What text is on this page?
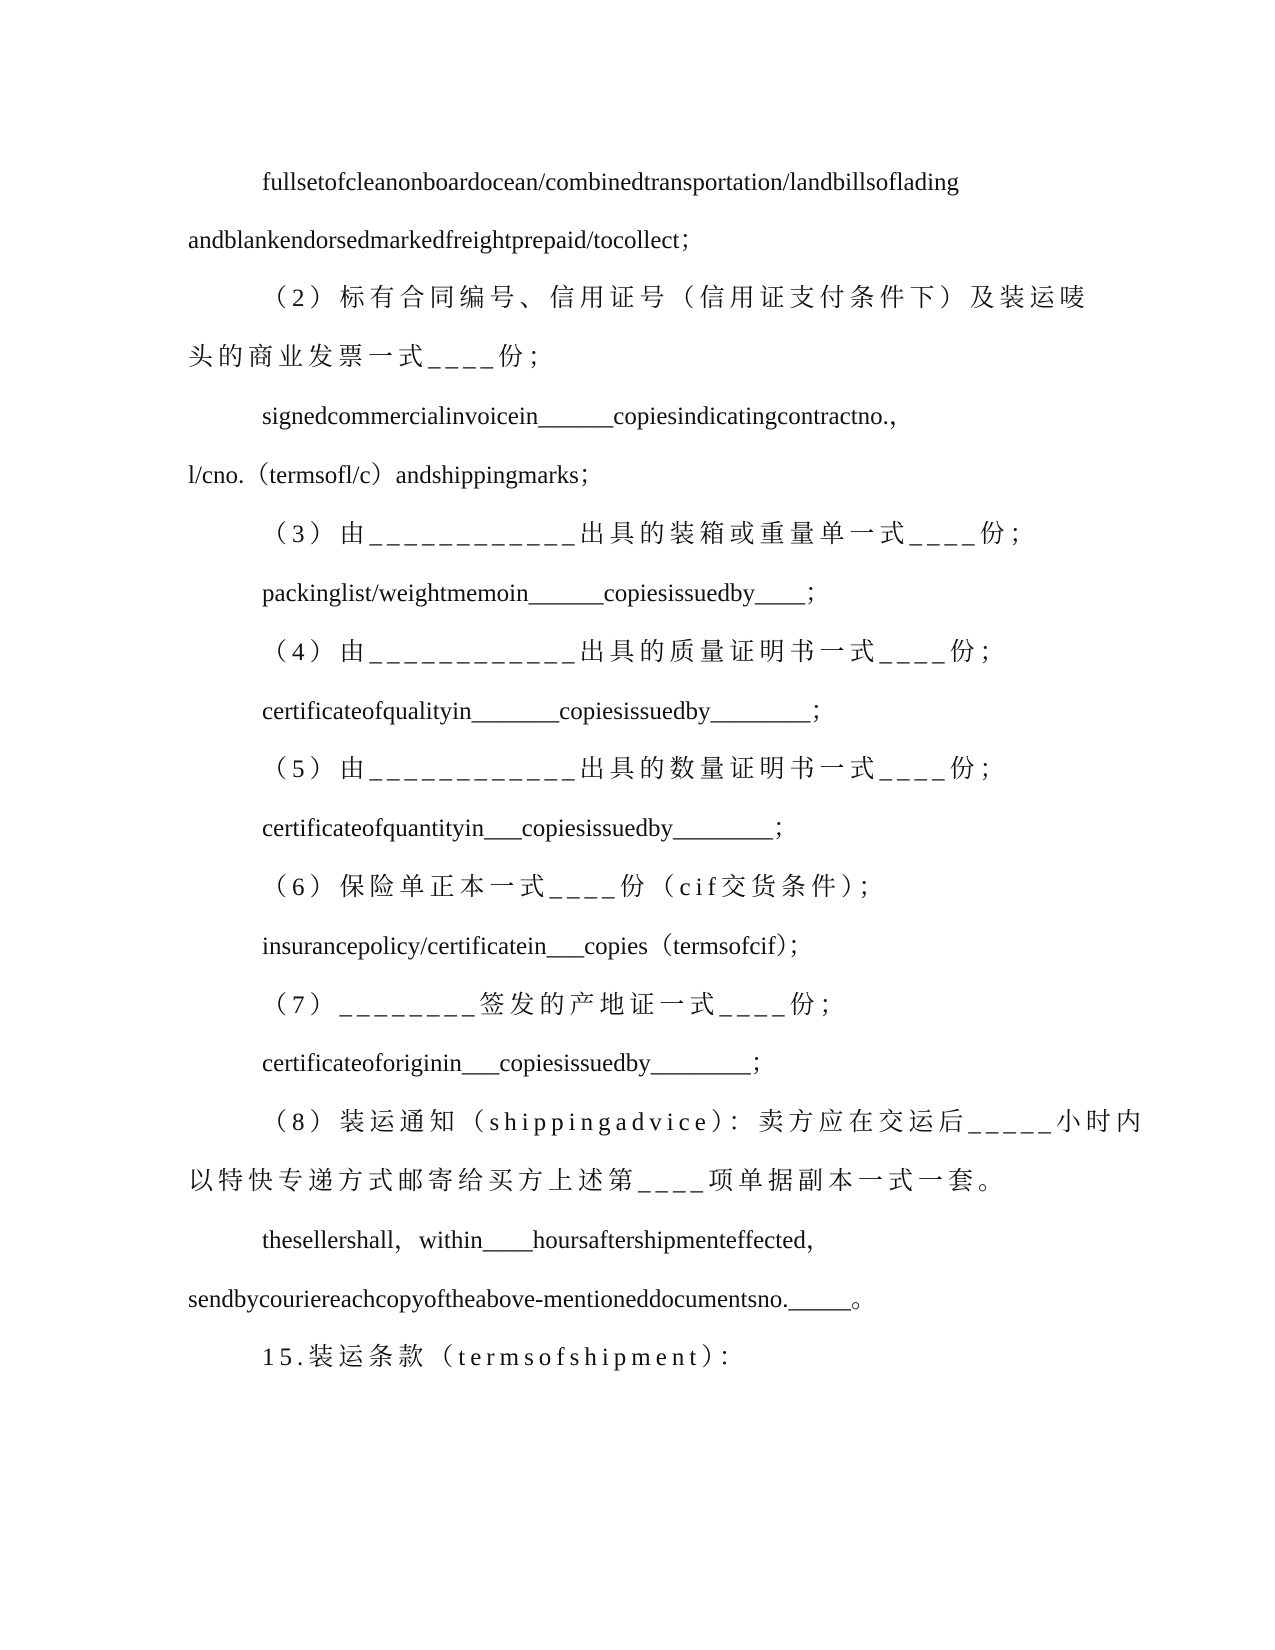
fullsetofcleanonboardocean/combinedtransportation/landbillsoflading
andblankendorsedmarkedfreightprepaid/tocollect；
（2）标有合同编号、信用证号（信用证支付条件下）及装运唛
头的商业发票一式____份；
signedcommercialinvoicein______copiesindicatingcontractno.，
l/cno.（termsofl/c）andshippingmarks；
（3）由____________出具的装箱或重量单一式____份；
packinglist/weightmemoin______copiesissuedby____；
（4）由____________出具的质量证明书一式____份；
certificateofqualityin_______copiesissuedby________；
（5）由____________出具的数量证明书一式____份；
certificateofquantityin___copiesissuedby________；
（6）保险单正本一式____份（cif交货条件）；
insurancepolicy/certificatein___copies（termsofcif）；
（7）________签发的产地证一式____份；
certificateoforiginin___copiesissuedby________；
（8）装运通知（shippingadvice）：卖方应在交运后_____小时内
以特快专递方式邮寄给买方上述第____项单据副本一式一套。
thesellershall，within____hoursaftershipmenteffected，
sendbycouriereachcopyoftheabove-mentioneddocumentsno._____。
15.装运条款（termsofshipment）：
